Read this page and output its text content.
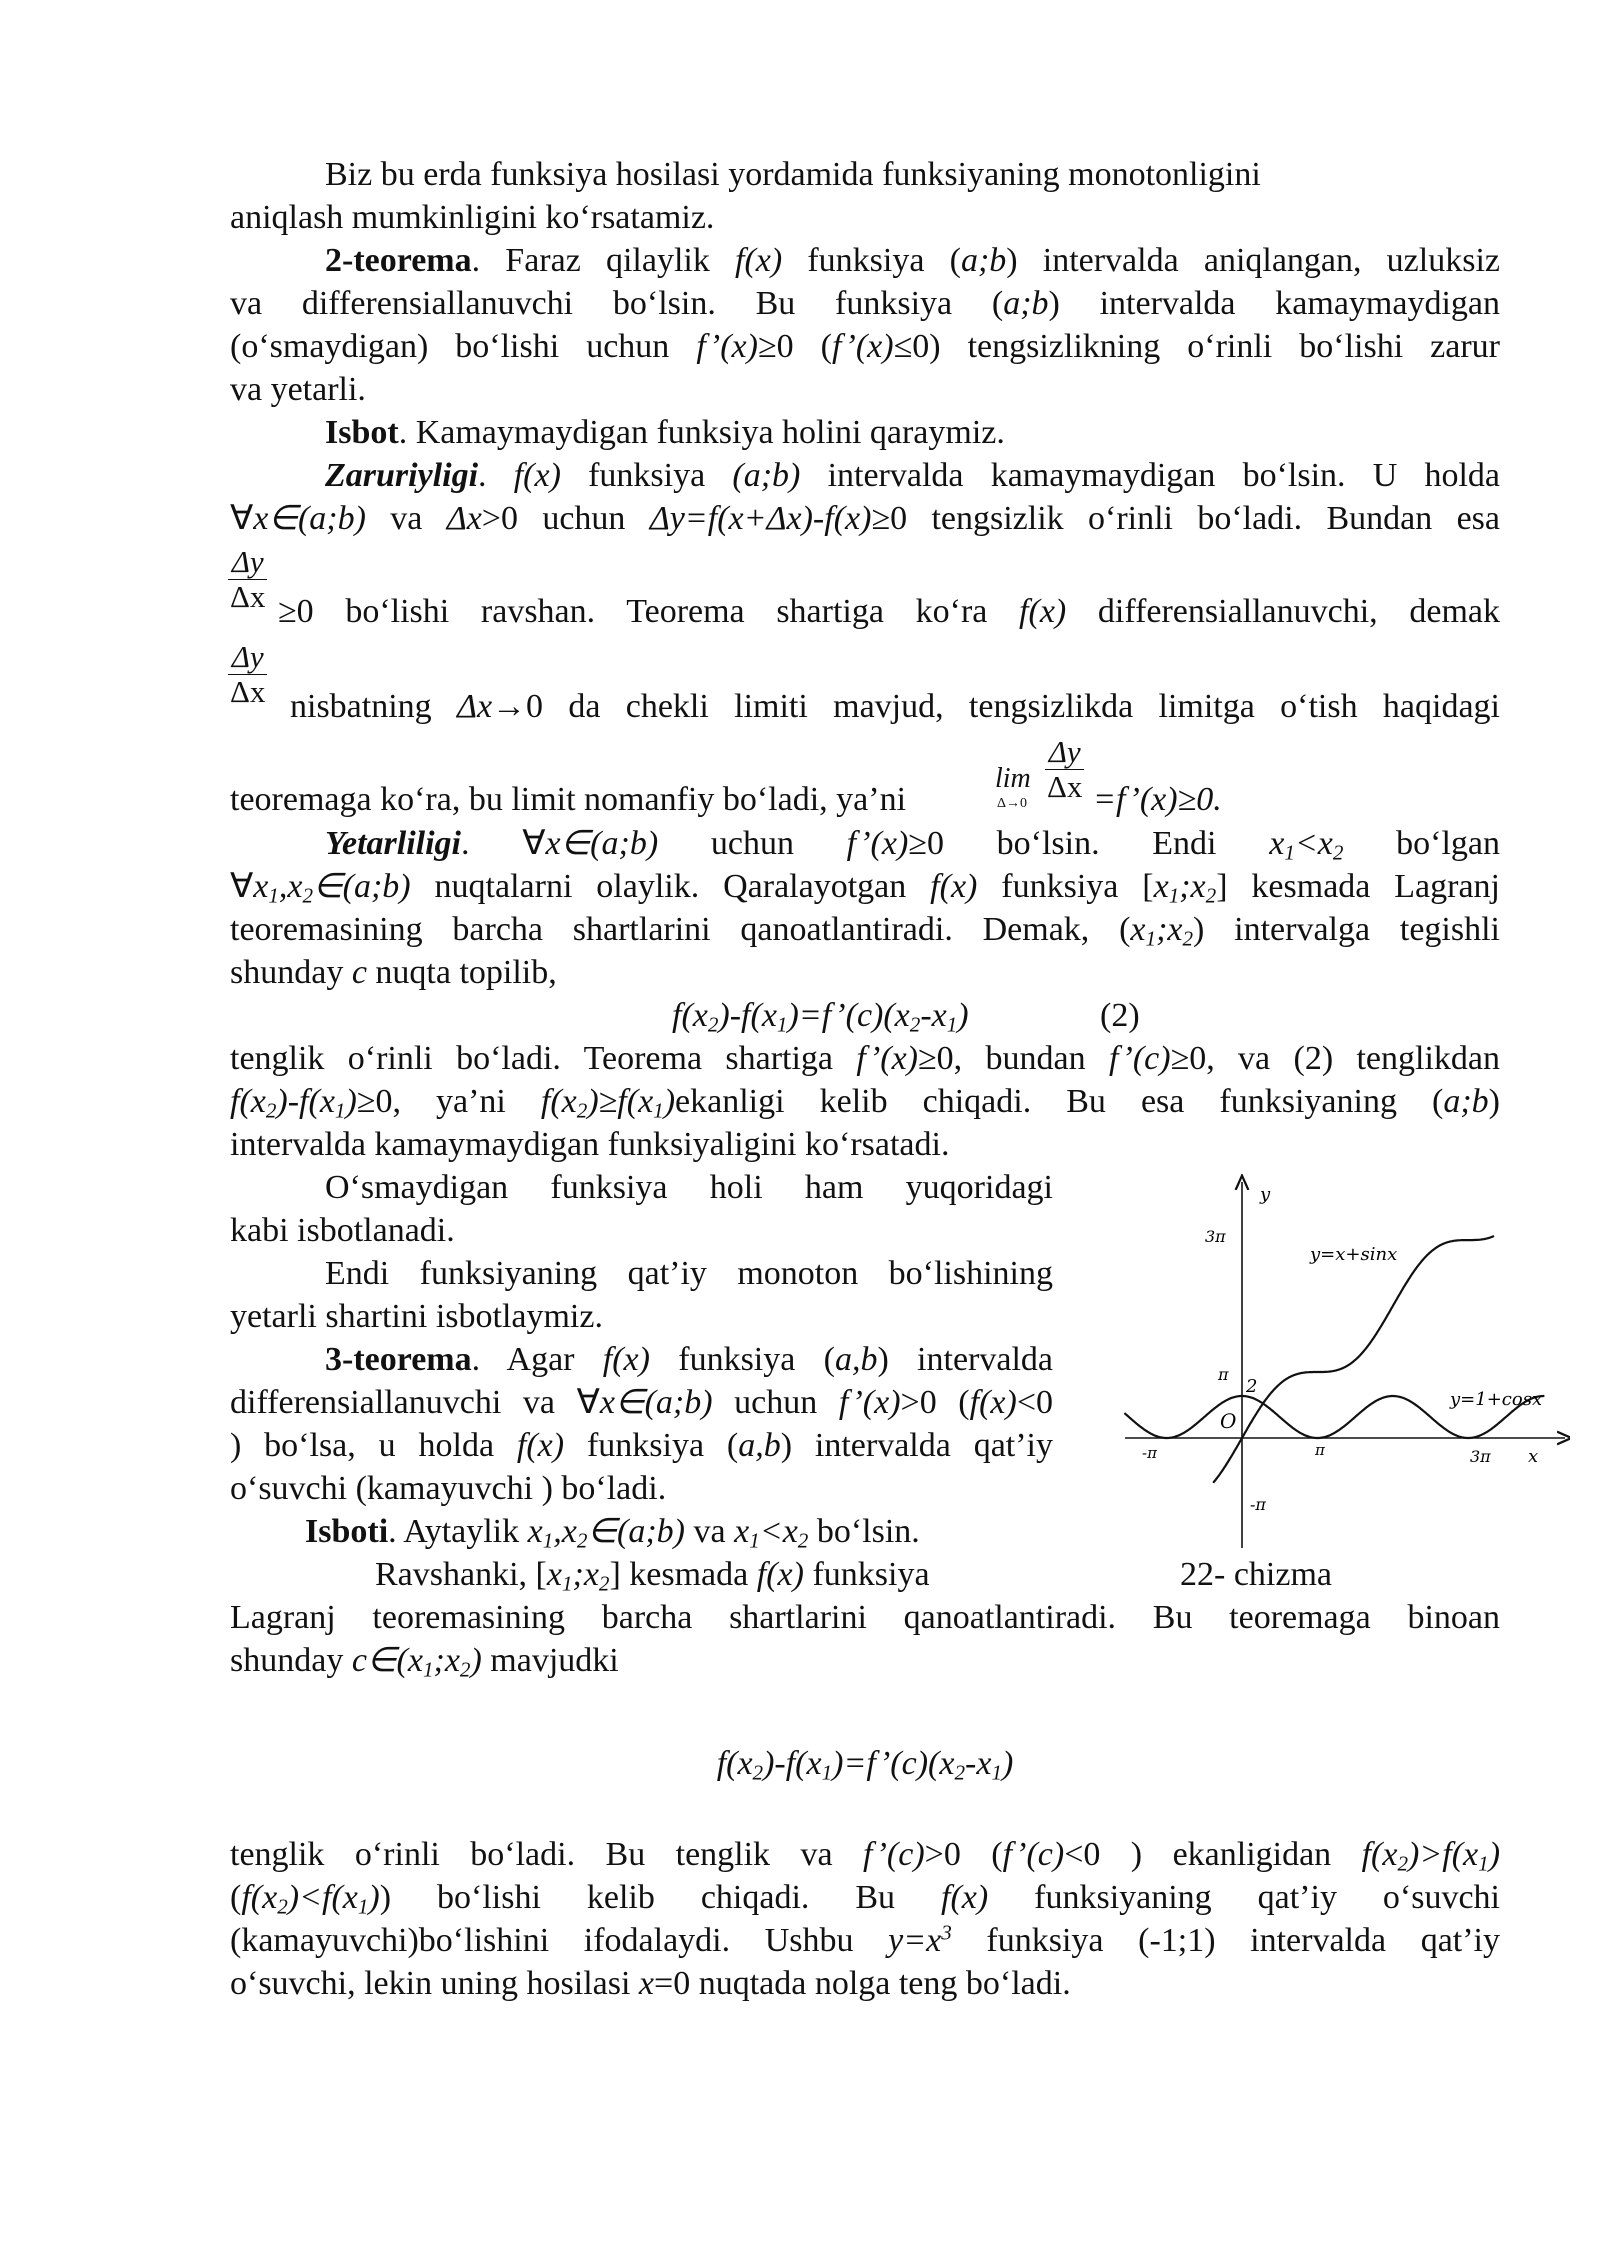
Biz bu erda funksiya hosilasi yordamida funksiyaning monotonligini
aniqlash mumkinligini ko‘rsatamiz.
2-teorema. Faraz qilaylik f(x) funksiya (a;b) intervalda aniqlangan, uzluksiz
va differensiallanuvchi bo‘lsin. Bu funksiya (a;b) intervalda kamaymaydigan
(o‘smaydigan) bo‘lishi uchun f’(x)≥0 (f’(x)≤0) tengsizlikning o‘rinli bo‘lishi zarur
va yetarli.
Isbot. Kamaymaydigan funksiya holini qaraymiz.
Zaruriyligi. f(x) funksiya (a;b) intervalda kamaymaydigan bo‘lsin. U holda
∀x∈(a;b) va Δx>0 uchun Δy=f(x+Δx)-f(x)≥0 tengsizlik o‘rinli bo‘ladi. Bundan esa
$\frac{\Delta y}{\Delta x} \ge 0$ bo‘lishi ravshan. Teorema shartiga ko‘ra f(x) differensiallanuvchi, demak
$\frac{\Delta y}{\Delta x}$ nisbatning Δx→0 da chekli limiti mavjud, tengsizlikda limitga o‘tish haqidagi
teoremaga ko‘ra, bu limit nomanfiy bo‘ladi, ya’ni
lim
$\Delta\to 0 \frac{\Delta y}{\Delta x}$ =f’(x)≥0.
Yetarliligi. ∀x∈(a;b) uchun f’(x)≥0 bo‘lsin. Endi $x_1<x_2$ bo‘lgan
$\forall x_1,x_2\in(a;b)$ nuqtalarni olaylik. Qaralayotgan f(x) funksiya $[x_1;x_2]$ kesmada Lagranj
teoremasining barcha shartlarini qanoatlantiradi. Demak, $(x_1;x_2)$ intervalga tegishli
shunday c nuqta topilib,
$f(x_2)-f(x_1)=f’(c)(x_2-x_1)$	(2)
tenglik o‘rinli bo‘ladi. Teorema shartiga f’(x)≥0, bundan f’(c)≥0, va (2) tenglikdan
$f(x_2)-f(x_1)\ge 0$, ya’ni $f(x_2)\ge f(x_1)ekanligi$ kelib chiqadi. Bu esa funksiyaning (a;b)
intervalda kamaymaydigan funksiyaligini ko‘rsatadi.
O‘smaydigan funksiya holi ham yuqoridagi
kabi isbotlanadi.
Endi funksiyaning qat’iy monoton bo‘lishining
yetarli shartini isbotlaymiz.
3-teorema. Agar f(x) funksiya (a,b) intervalda
differensiallanuvchi va ∀x∈(a;b) uchun f’(x)>0 (f(x)<0
) bo‘lsa, u holda f(x) funksiya (a,b) intervalda qat’iy
o‘suvchi (kamayuvchi ) bo‘ladi.
Isboti. Aytaylik $x_1,x_2\in(a;b)$ va $x_1<x_2$ bo‘lsin.
Ravshanki, $[x_1;x_2]$ kesmada f(x) funksiya	22- chizma
Lagranj teoremasining barcha shartlarini qanoatlantiradi. Bu teoremaga binoan
shunday $c\in(x_1;x_2)$ mavjudki
$f(x_2)-f(x_1)=f’(c)(x_2-x_1)$
tenglik o‘rinli bo‘ladi. Bu tenglik va f’(c)>0 (f’(c)<0 ) ekanligidan $f(x_2)>f(x_1)$
$(f(x_2)<f(x_1))$ bo‘lishi kelib chiqadi. Bu f(x) funksiyaning qat’iy o‘suvchi
(kamayuvchi)bo‘lishini ifodalaydi. Ushbu $y=x^3$ funksiya (-1;1) intervalda qat’iy
o‘suvchi, lekin uning hosilasi x=0 nuqtada nolga teng bo‘ladi.
y
x
3π
π
2
O
-π
-π	π	3π
y=x+sinx
y=1+cosx
